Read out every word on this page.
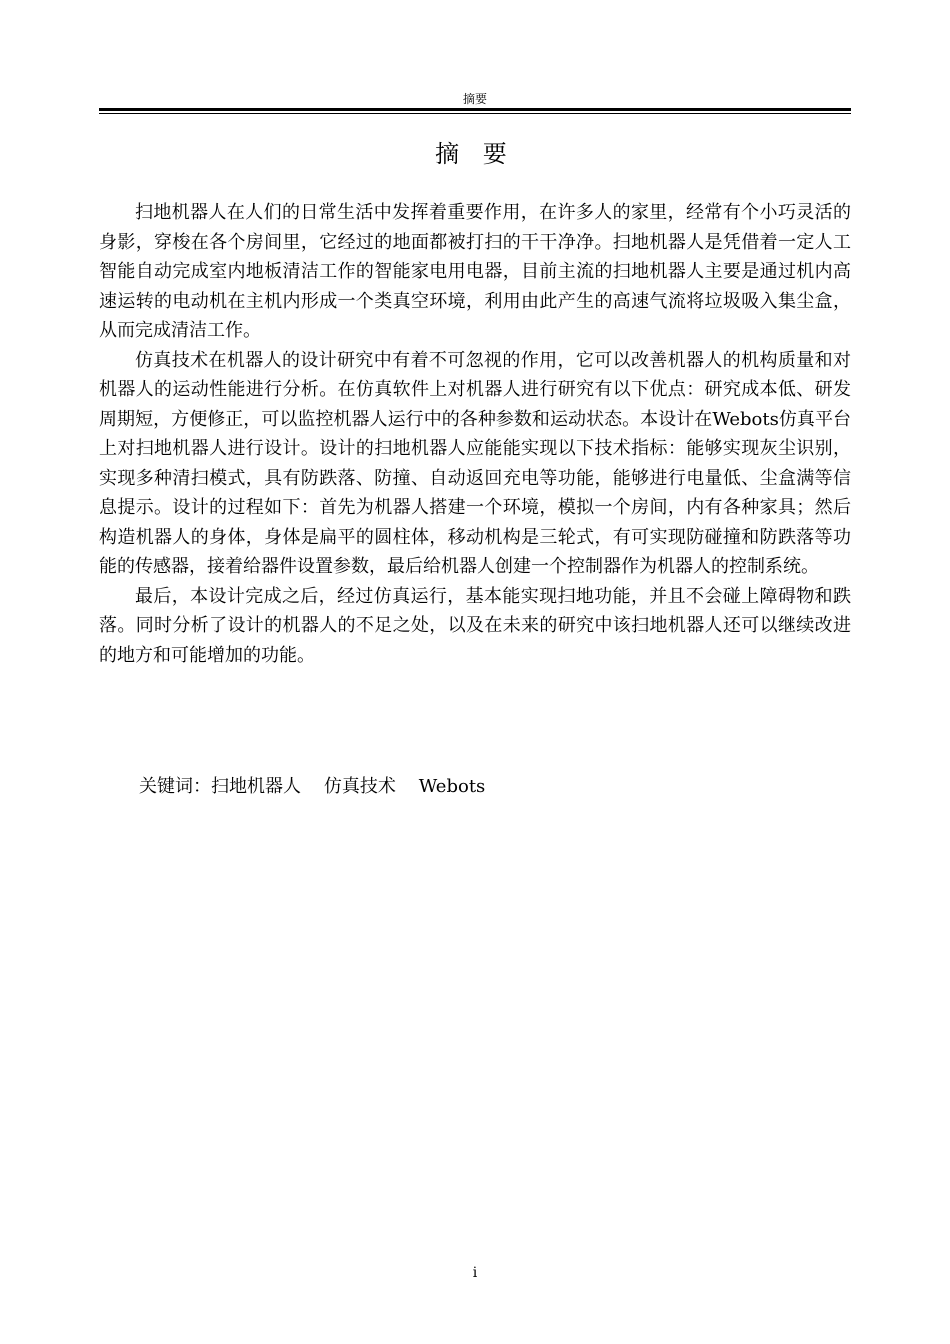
摘要
摘 要

扫地机器人在人们的日常生活中发挥着重要作用，在许多人的家里，经常有个小巧灵活的身影，穿梭在各个房间里，它经过的地面都被打扫的干干净净。扫地机器人是凭借着一定人工智能自动完成室内地板清洁工作的智能家电用电器，目前主流的扫地机器人主要是通过机内高速运转的电动机在主机内形成一个类真空环境，利用由此产生的高速气流将垃圾吸入集尘盒，从而完成清洁工作。

仿真技术在机器人的设计研究中有着不可忽视的作用，它可以改善机器人的机构质量和对机器人的运动性能进行分析。在仿真软件上对机器人进行研究有以下优点：研究成本低、研发周期短，方便修正，可以监控机器人运行中的各种参数和运动状态。本设计在Webots仿真平台上对扫地机器人进行设计。设计的扫地机器人应能能实现以下技术指标：能够实现灰尘识别，实现多种清扫模式，具有防跌落、防撞、自动返回充电等功能，能够进行电量低、尘盒满等信息提示。设计的过程如下：首先为机器人搭建一个环境，模拟一个房间，内有各种家具；然后构造机器人的身体，身体是扁平的圆柱体，移动机构是三轮式，有可实现防碰撞和防跌落等功能的传感器，接着给器件设置参数，最后给机器人创建一个控制器作为机器人的控制系统。

最后，本设计完成之后，经过仿真运行，基本能实现扫地功能，并且不会碰上障碍物和跌落。同时分析了设计的机器人的不足之处，以及在未来的研究中该扫地机器人还可以继续改进的地方和可能增加的功能。

关键词：扫地机器人    仿真技术    Webots
i
